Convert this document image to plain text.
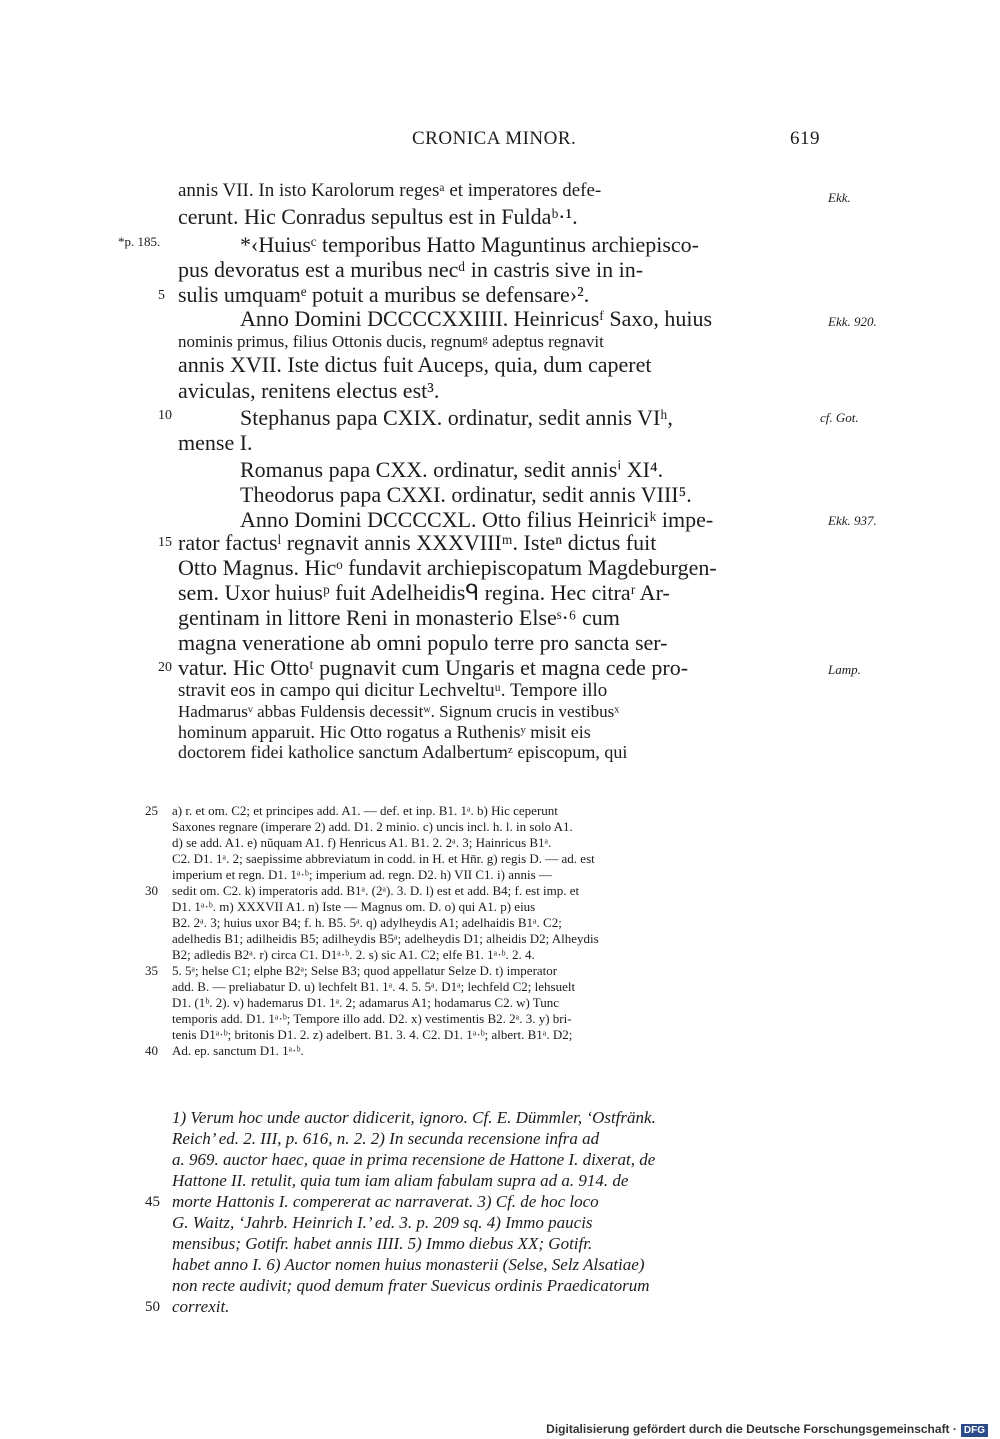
CRONICA MINOR.	619
annis VII. In isto Karolorum regesᵃ et imperatores defe-
cerunt. Hic Conradus sepultus est in Fuldaᵇ·¹.
*‹Huiusᶜ temporibus Hatto Maguntinus archiepisco-
pus devoratus est a muribus necᵈ in castris sive in in-
sulis umquamᵉ potuit a muribus se defensare›².
Anno Domini DCCCCXXIIII. Heinricusᶠ Saxo, huius
nominis primus, filius Ottonis ducis, regnumᵍ adeptus regnavit
annis XVII. Iste dictus fuit Auceps, quia, dum caperet
aviculas, renitens electus est³.
Stephanus papa CXIX. ordinatur, sedit annis VIʰ,
mense I.
Romanus papa CXX. ordinatur, sedit annisⁱ XI⁴.
Theodorus papa CXXI. ordinatur, sedit annis VIII⁵.
Anno Domini DCCCCXL. Otto filius Heinriciᵏ impe-
rator factusˡ regnavit annis XXXVIIIᵐ. Isteⁿ dictus fuit
Otto Magnus. Hicᵒ fundavit archiepiscopatum Magdeburgen-
sem. Uxor huiusᵖ fuit Adelheidisᑫ regina. Hec citraʳ Ar-
gentinam in littore Reni in monasterio Elseˢ·⁶ cum
magna veneratione ab omni populo terre pro sancta ser-
vatur. Hic Ottoᵗ pugnavit cum Ungaris et magna cede pro-
stravit eos in campo qui dicitur Lechveltuᵘ. Tempore illo
Hadmarusᵛ abbas Fuldensis decessitʷ. Signum crucis in vestibusˣ
hominum apparuit. Hic Otto rogatus a Ruthenisʸ misit eis
doctorem fidei katholice sanctum Adalbertumᶻ episcopum, qui
5
10
15
20
Ekk.
*p. 185.
Ekk. 920.
cf. Got.
Ekk. 937.
Lamp.
a) r. et om. C2; et principes add. A1. — def. et inp. B1. 1ᵃ. b) Hic ceperunt
Saxones regnare (imperare 2) add. D1. 2 minio. c) uncis incl. h. l. in solo A1.
d) se add. A1. e) nũquam A1. f) Henricus A1. B1. 2. 2ᵃ. 3; Hainricus B1ᵃ.
C2. D1. 1ᵃ. 2; saepissime abbreviatum in codd. in H. et Hn̄r. g) regis D. — ad. est
imperium et regn. D1. 1ᵃ·ᵇ; imperium ad. regn. D2. h) VII C1. i) annis —
sedit om. C2. k) imperatoris add. B1ᵃ. (2ᵃ). 3. D. l) est et add. B4; f. est imp. et
D1. 1ᵃ·ᵇ. m) XXXVII A1. n) Iste — Magnus om. D. o) qui A1. p) eius
B2. 2ᵃ. 3; huius uxor B4; f. h. B5. 5ᵃ. q) adylheydis A1; adelhaidis B1ᵃ. C2;
adelhedis B1; adilheidis B5; adilheydis B5ᵃ; adelheydis D1; alheidis D2; Alheydis
B2; adledis B2ᵃ. r) circa C1. D1ᵃ·ᵇ. 2. s) sic A1. C2; elfe B1. 1ᵃ·ᵇ. 2. 4.
5. 5ᵃ; helse C1; elphe B2ᵃ; Selse B3; quod appellatur Selze D. t) imperator
add. B. — preliabatur D. u) lechfelt B1. 1ᵃ. 4. 5. 5ᵃ. D1ᵃ; lechfeld C2; lehsuelt
D1. (1ᵇ. 2). v) hademarus D1. 1ᵃ. 2; adamarus A1; hodamarus C2. w) Tunc
temporis add. D1. 1ᵃ·ᵇ; Tempore illo add. D2. x) vestimentis B2. 2ᵃ. 3. y) bri-
tenis D1ᵃ·ᵇ; britonis D1. 2. z) adelbert. B1. 3. 4. C2. D1. 1ᵃ·ᵇ; albert. B1ᵃ. D2;
Ad. ep. sanctum D1. 1ᵃ·ᵇ.
25
30
35
40
1) Verum hoc unde auctor didicerit, ignoro. Cf. E. Dümmler, ‘Ostfränk.
Reich’ ed. 2. III, p. 616, n. 2. 2) In secunda recensione infra ad
a. 969. auctor haec, quae in prima recensione de Hattone I. dixerat, de
Hattone II. retulit, quia tum iam aliam fabulam supra ad a. 914. de
morte Hattonis I. compererat ac narraverat. 3) Cf. de hoc loco
G. Waitz, ‘Jahrb. Heinrich I.’ ed. 3. p. 209 sq. 4) Immo paucis
mensibus; Gotifr. habet annis IIII. 5) Immo diebus XX; Gotifr.
habet anno I. 6) Auctor nomen huius monasterii (Selse, Selz Alsatiae)
non recte audivit; quod demum frater Suevicus ordinis Praedicatorum
correxit.
45
50
Digitalisierung gefördert durch die Deutsche Forschungsgemeinschaft · DFG
